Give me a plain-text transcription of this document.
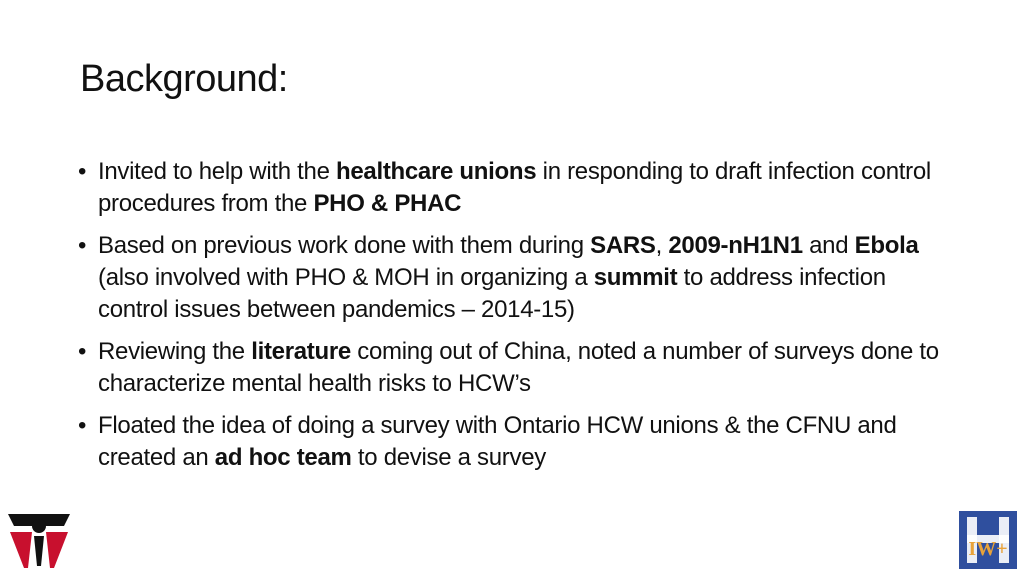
Background:
• Invited to help with the healthcare unions in responding to draft infection control procedures from the PHO & PHAC
• Based on previous work done with them during SARS, 2009-nH1N1 and Ebola (also involved with PHO & MOH in organizing a summit to address infection control issues between pandemics – 2014-15)
• Reviewing the literature coming out of China, noted a number of surveys done to characterize mental health risks to HCW’s
• Floated the idea of doing a survey with Ontario HCW unions & the CFNU and created an ad hoc team to devise a survey
IW+
